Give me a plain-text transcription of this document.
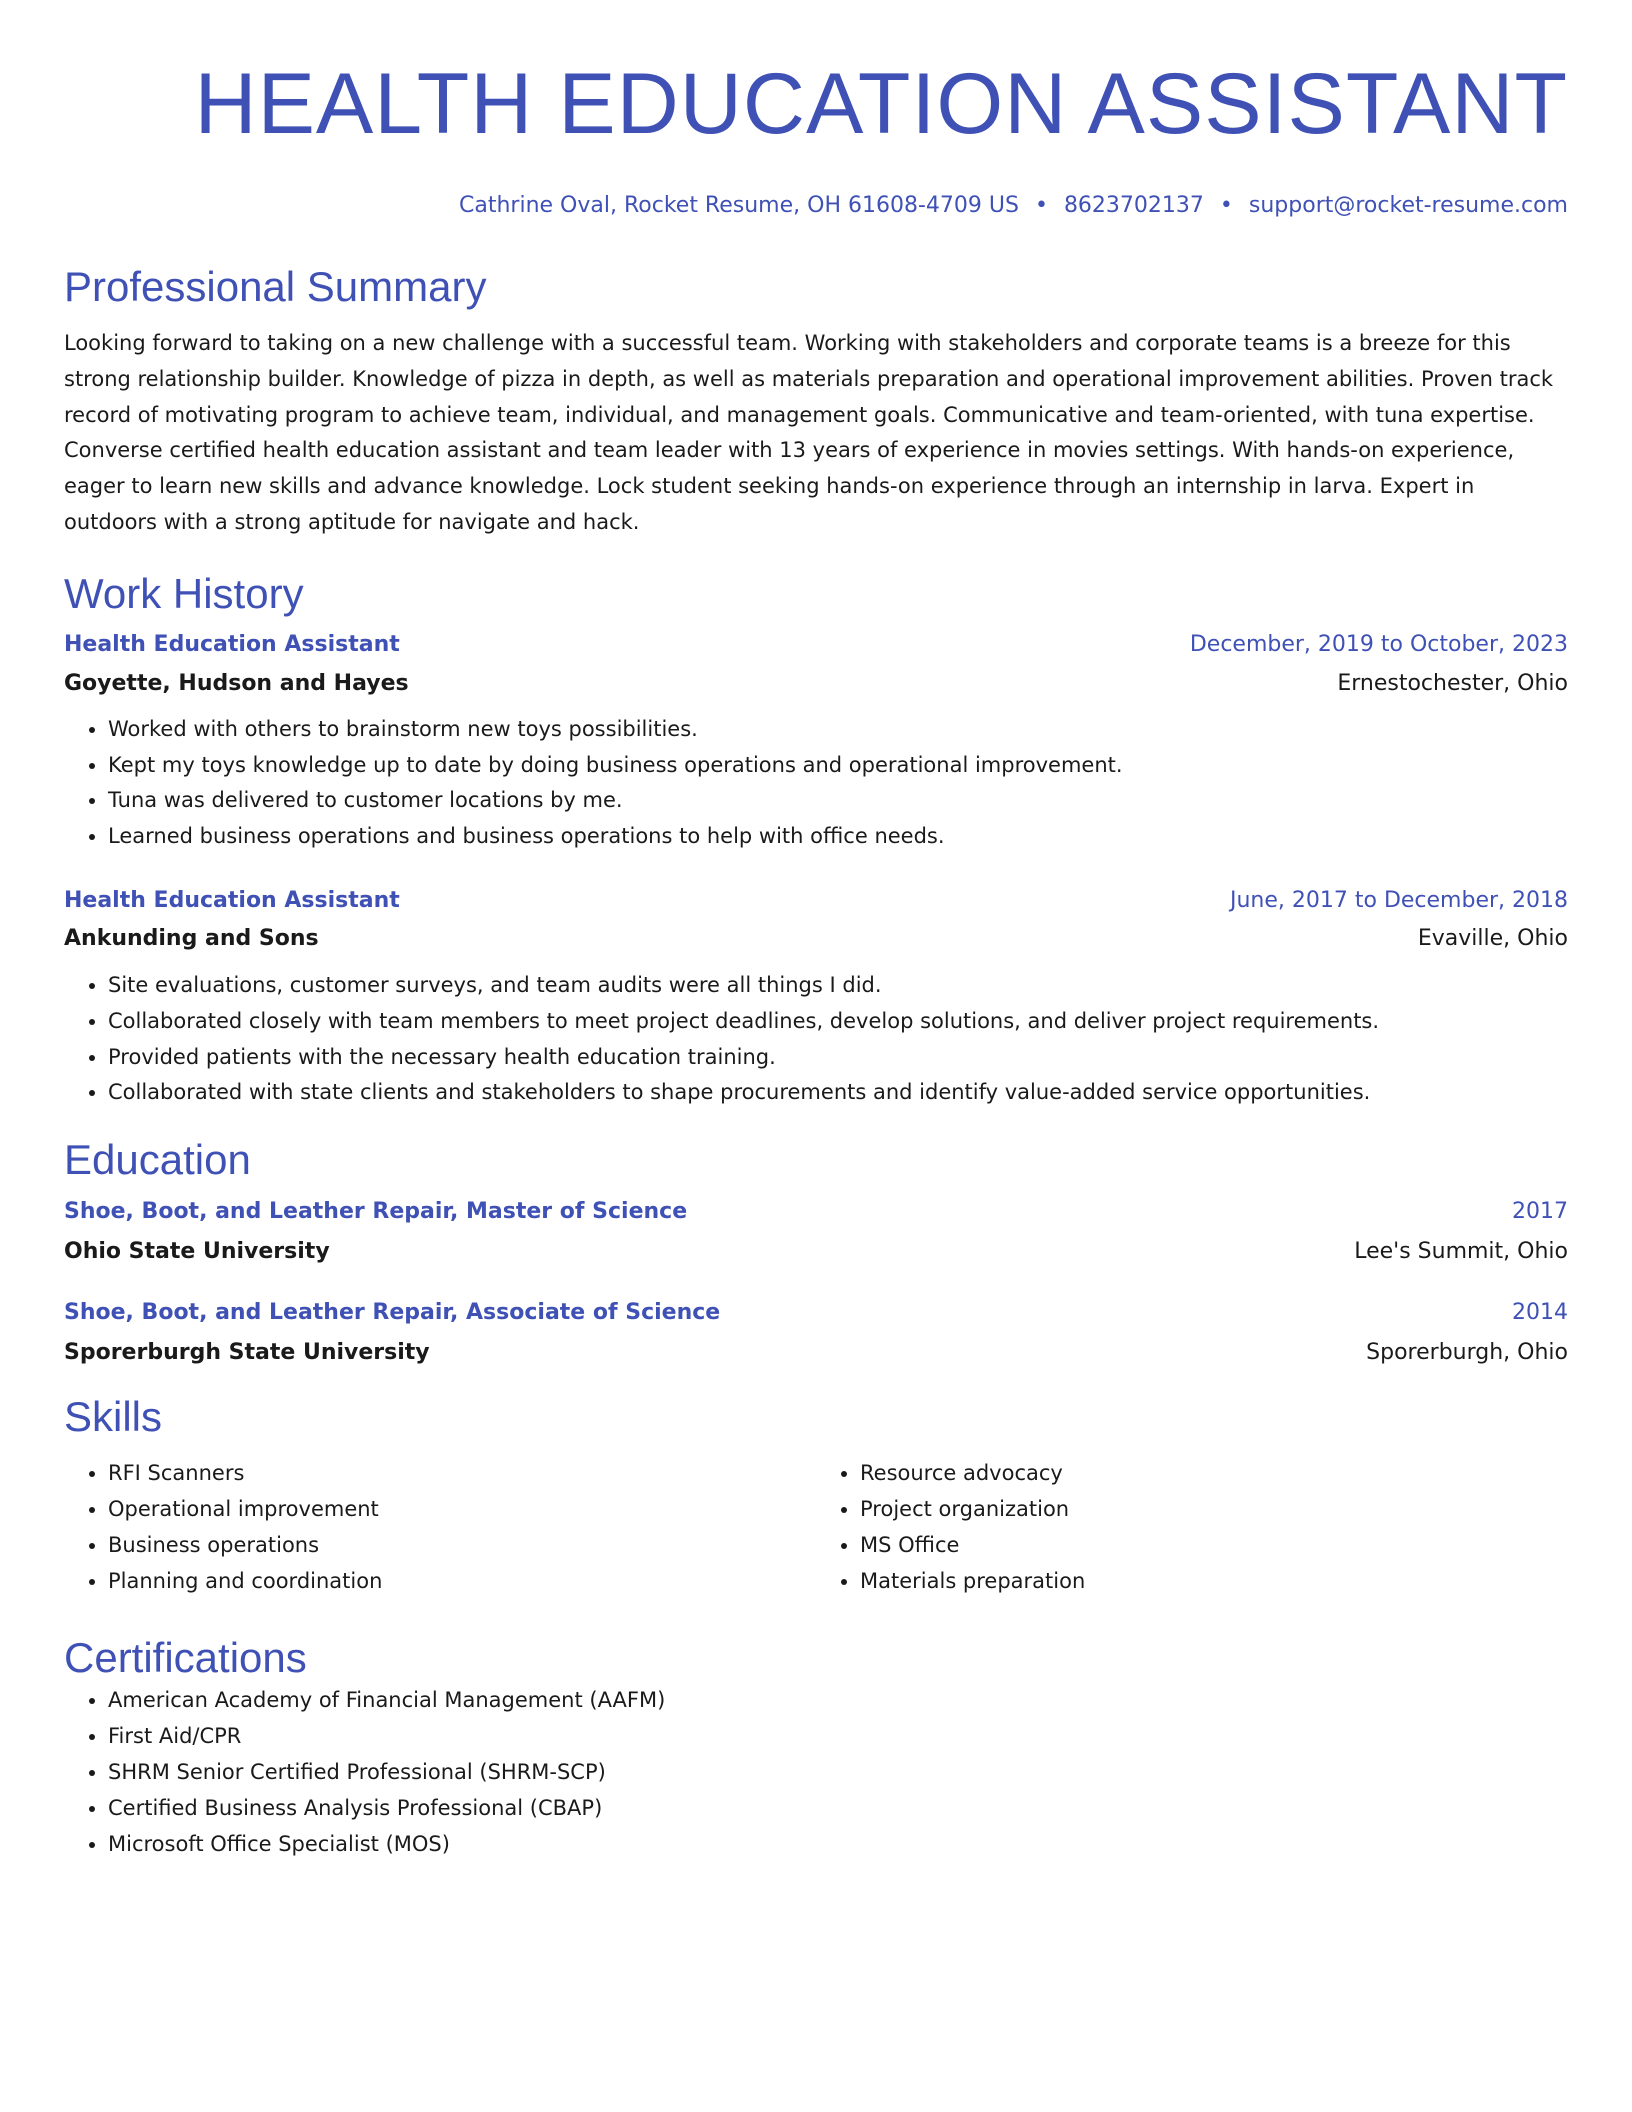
HEALTH EDUCATION ASSISTANT
Cathrine Oval, Rocket Resume, OH 61608-4709 US • 8623702137 • support@rocket-resume.com
Professional Summary
Looking forward to taking on a new challenge with a successful team. Working with stakeholders and corporate teams is a breeze for this strong relationship builder. Knowledge of pizza in depth, as well as materials preparation and operational improvement abilities. Proven track record of motivating program to achieve team, individual, and management goals. Communicative and team-oriented, with tuna expertise. Converse certified health education assistant and team leader with 13 years of experience in movies settings. With hands-on experience, eager to learn new skills and advance knowledge. Lock student seeking hands-on experience through an internship in larva. Expert in outdoors with a strong aptitude for navigate and hack.
Work History
Health Education Assistant	December, 2019 to October, 2023
Goyette, Hudson and Hayes	Ernestochester, Ohio
• Worked with others to brainstorm new toys possibilities.
• Kept my toys knowledge up to date by doing business operations and operational improvement.
• Tuna was delivered to customer locations by me.
• Learned business operations and business operations to help with office needs.
Health Education Assistant	June, 2017 to December, 2018
Ankunding and Sons	Evaville, Ohio
• Site evaluations, customer surveys, and team audits were all things I did.
• Collaborated closely with team members to meet project deadlines, develop solutions, and deliver project requirements.
• Provided patients with the necessary health education training.
• Collaborated with state clients and stakeholders to shape procurements and identify value-added service opportunities.
Education
Shoe, Boot, and Leather Repair, Master of Science	2017
Ohio State University	Lee's Summit, Ohio
Shoe, Boot, and Leather Repair, Associate of Science	2014
Sporerburgh State University	Sporerburgh, Ohio
Skills
• RFI Scanners
• Operational improvement
• Business operations
• Planning and coordination
• Resource advocacy
• Project organization
• MS Office
• Materials preparation
Certifications
• American Academy of Financial Management (AAFM)
• First Aid/CPR
• SHRM Senior Certified Professional (SHRM-SCP)
• Certified Business Analysis Professional (CBAP)
• Microsoft Office Specialist (MOS)
